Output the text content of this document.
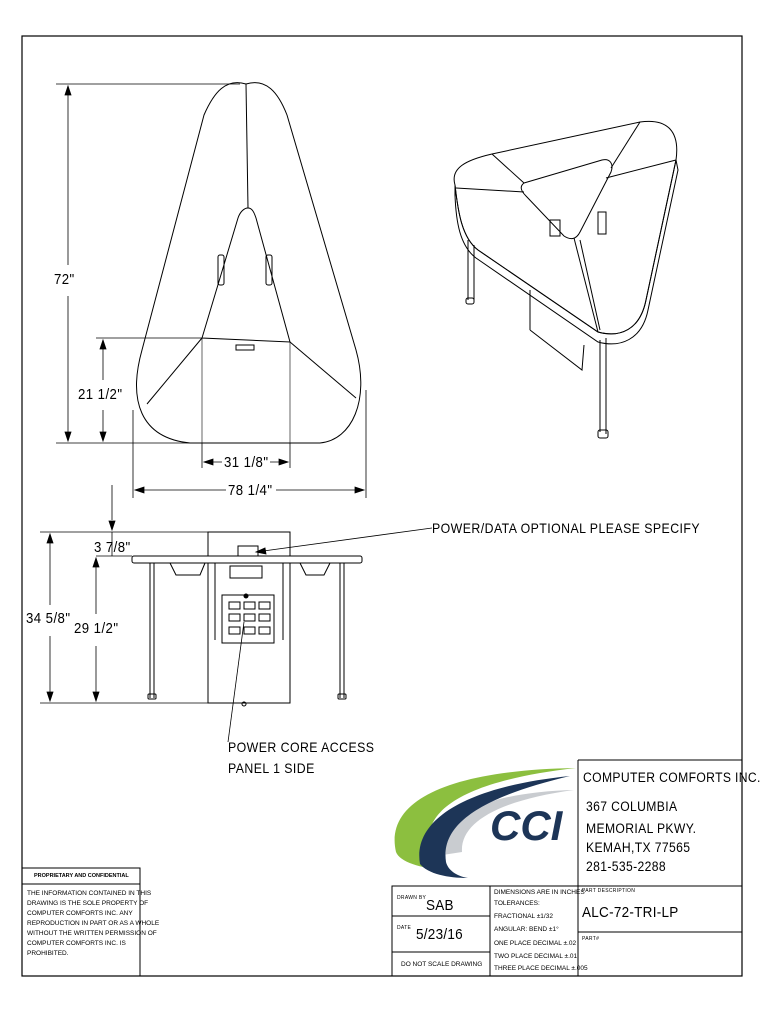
CCI
72"
21 1/2"
31 1/8"
78 1/4"
3 7/8"
34 5/8"
29 1/2"
POWER/DATA OPTIONAL PLEASE SPECIFY
POWER CORE ACCESS
PANEL 1 SIDE
COMPUTER COMFORTS INC.
367 COLUMBIA
MEMORIAL PKWY.
KEMAH,TX 77565
281-535-2288
PROPRIETARY AND CONFIDENTIAL
THE INFORMATION CONTAINED IN THIS
DRAWING IS THE SOLE PROPERTY OF
COMPUTER COMFORTS INC. ANY
REPRODUCTION IN PART OR AS A WHOLE
WITHOUT THE WRITTEN PERMISSION OF
COMPUTER COMFORTS INC. IS
PROHIBITED.
DRAWN BY SAB
DATE 5/23/16
DO NOT SCALE DRAWING
DIMENSIONS ARE IN INCHES
TOLERANCES:
FRACTIONAL ±1/32
ANGULAR: BEND ±1°
ONE PLACE DECIMAL ±.02
TWO PLACE DECIMAL ±.01
THREE PLACE DECIMAL ±.005
PART DESCRIPTION
ALC-72-TRI-LP
PART#
